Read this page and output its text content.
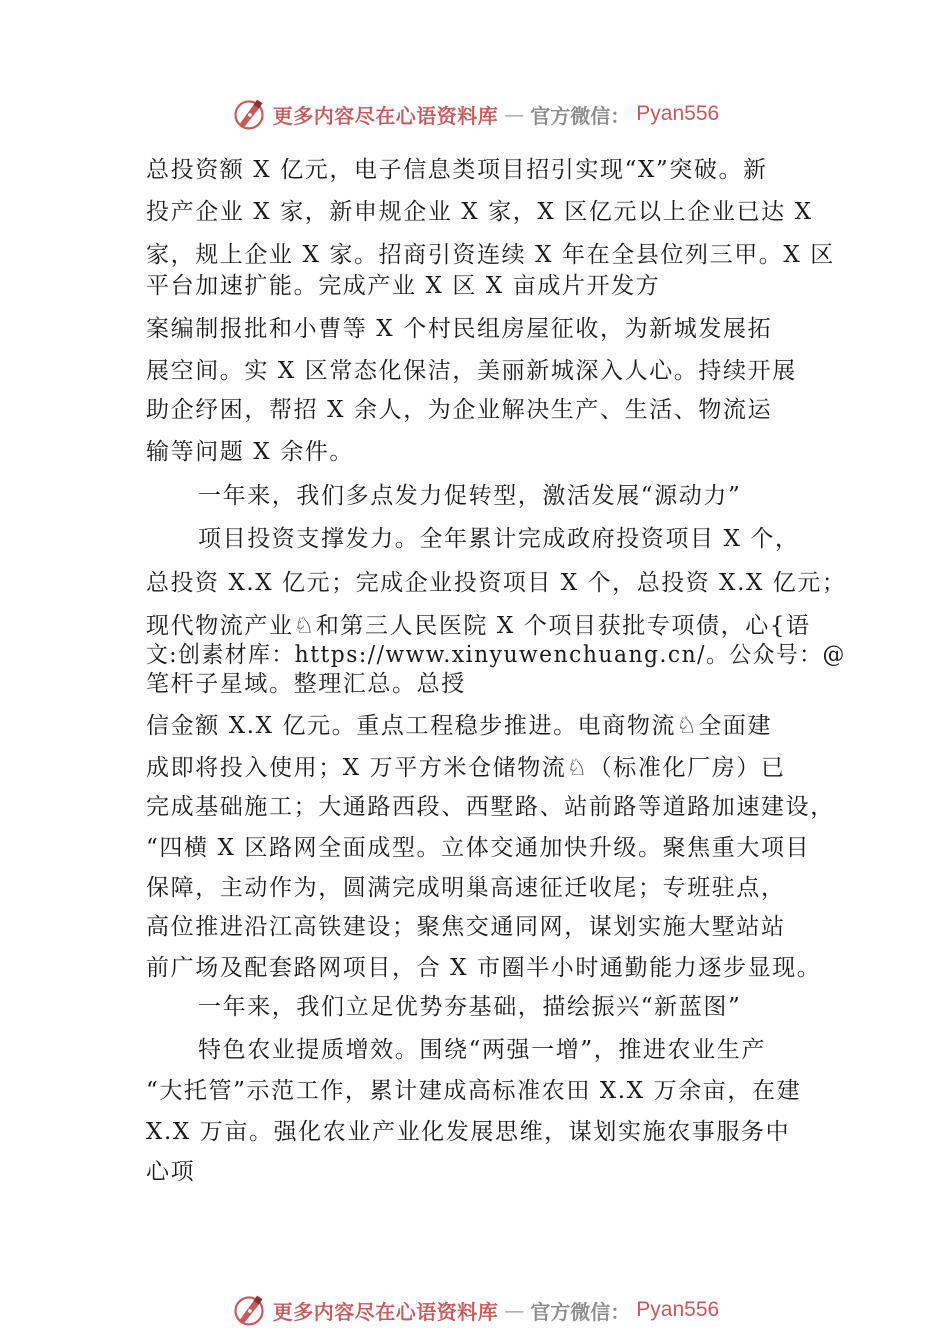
更多内容尽在心语资料库 — 官方微信： Pyan556
总投资额 X 亿元，电子信息类项目招引实现“X”突破。新
投产企业 X 家，新申规企业 X 家，X 区亿元以上企业已达 X
家，规上企业 X 家。招商引资连续 X 年在全县位列三甲。X 区
平台加速扩能。完成产业 X 区 X 亩成片开发方
案编制报批和小曹等 X 个村民组房屋征收，为新城发展拓
展空间。实 X 区常态化保洁，美丽新城深入人心。持续开展
助企纾困，帮招 X 余人，为企业解决生产、生活、物流运
输等问题 X 余件。
一年来，我们多点发力促转型，激活发展“源动力”
项目投资支撑发力。全年累计完成政府投资项目 X 个，
总投资 X.X 亿元；完成企业投资项目 X 个，总投资 X.X 亿元；
现代物流产业♘和第三人民医院 X 个项目获批专项债，心{语
文:创素材库：https://www.xinyuwenchuang.cn/。公众号：@
笔杆子星域。整理汇总。总授
信金额 X.X 亿元。重点工程稳步推进。电商物流♘全面建
成即将投入使用；X 万平方米仓储物流♘（标准化厂房）已
完成基础施工；大通路西段、西墅路、站前路等道路加速建设，
“四横 X 区路网全面成型。立体交通加快升级。聚焦重大项目
保障，主动作为，圆满完成明巢高速征迁收尾；专班驻点，
高位推进沿江高铁建设；聚焦交通同网，谋划实施大墅站站
前广场及配套路网项目，合 X 市圈半小时通勤能力逐步显现。
一年来，我们立足优势夯基础，描绘振兴“新蓝图”
特色农业提质增效。围绕“两强一增”，推进农业生产
“大托管”示范工作，累计建成高标准农田 X.X 万余亩，在建
X.X 万亩。强化农业产业化发展思维，谋划实施农事服务中
心项
更多内容尽在心语资料库 — 官方微信： Pyan556
